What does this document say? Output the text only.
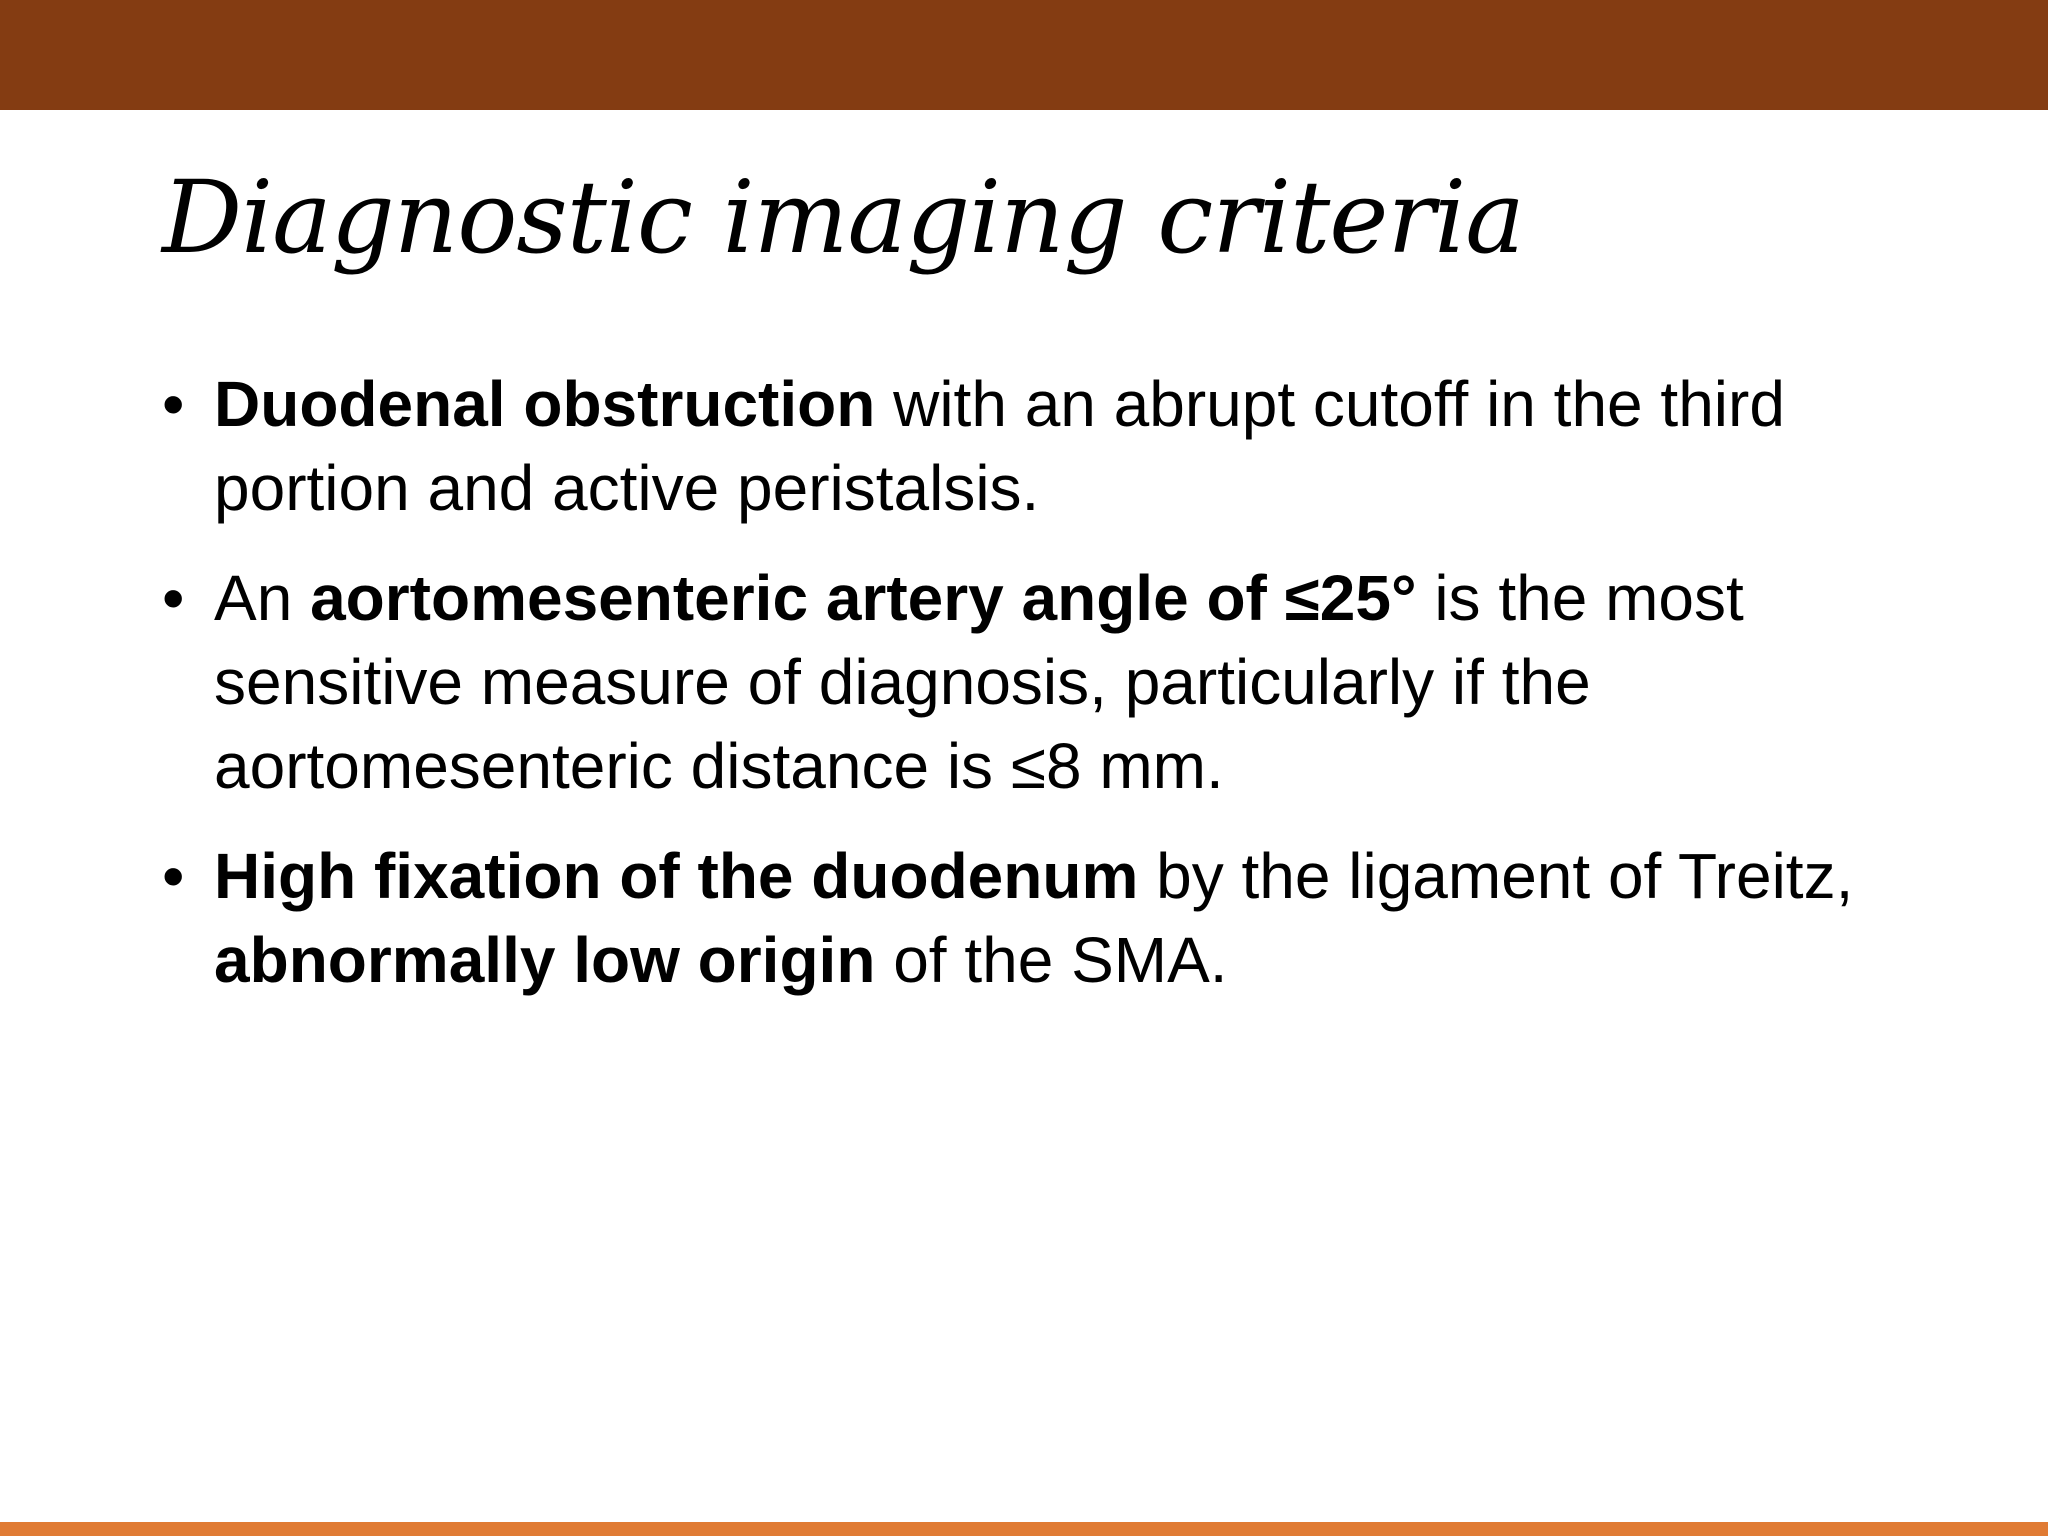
Diagnostic imaging criteria
• Duodenal obstruction with an abrupt cutoff in the third portion and active peristalsis.
• An aortomesenteric artery angle of ≤25° is the most sensitive measure of diagnosis, particularly if the aortomesenteric distance is ≤8 mm.
• High fixation of the duodenum by the ligament of Treitz, abnormally low origin of the SMA.
